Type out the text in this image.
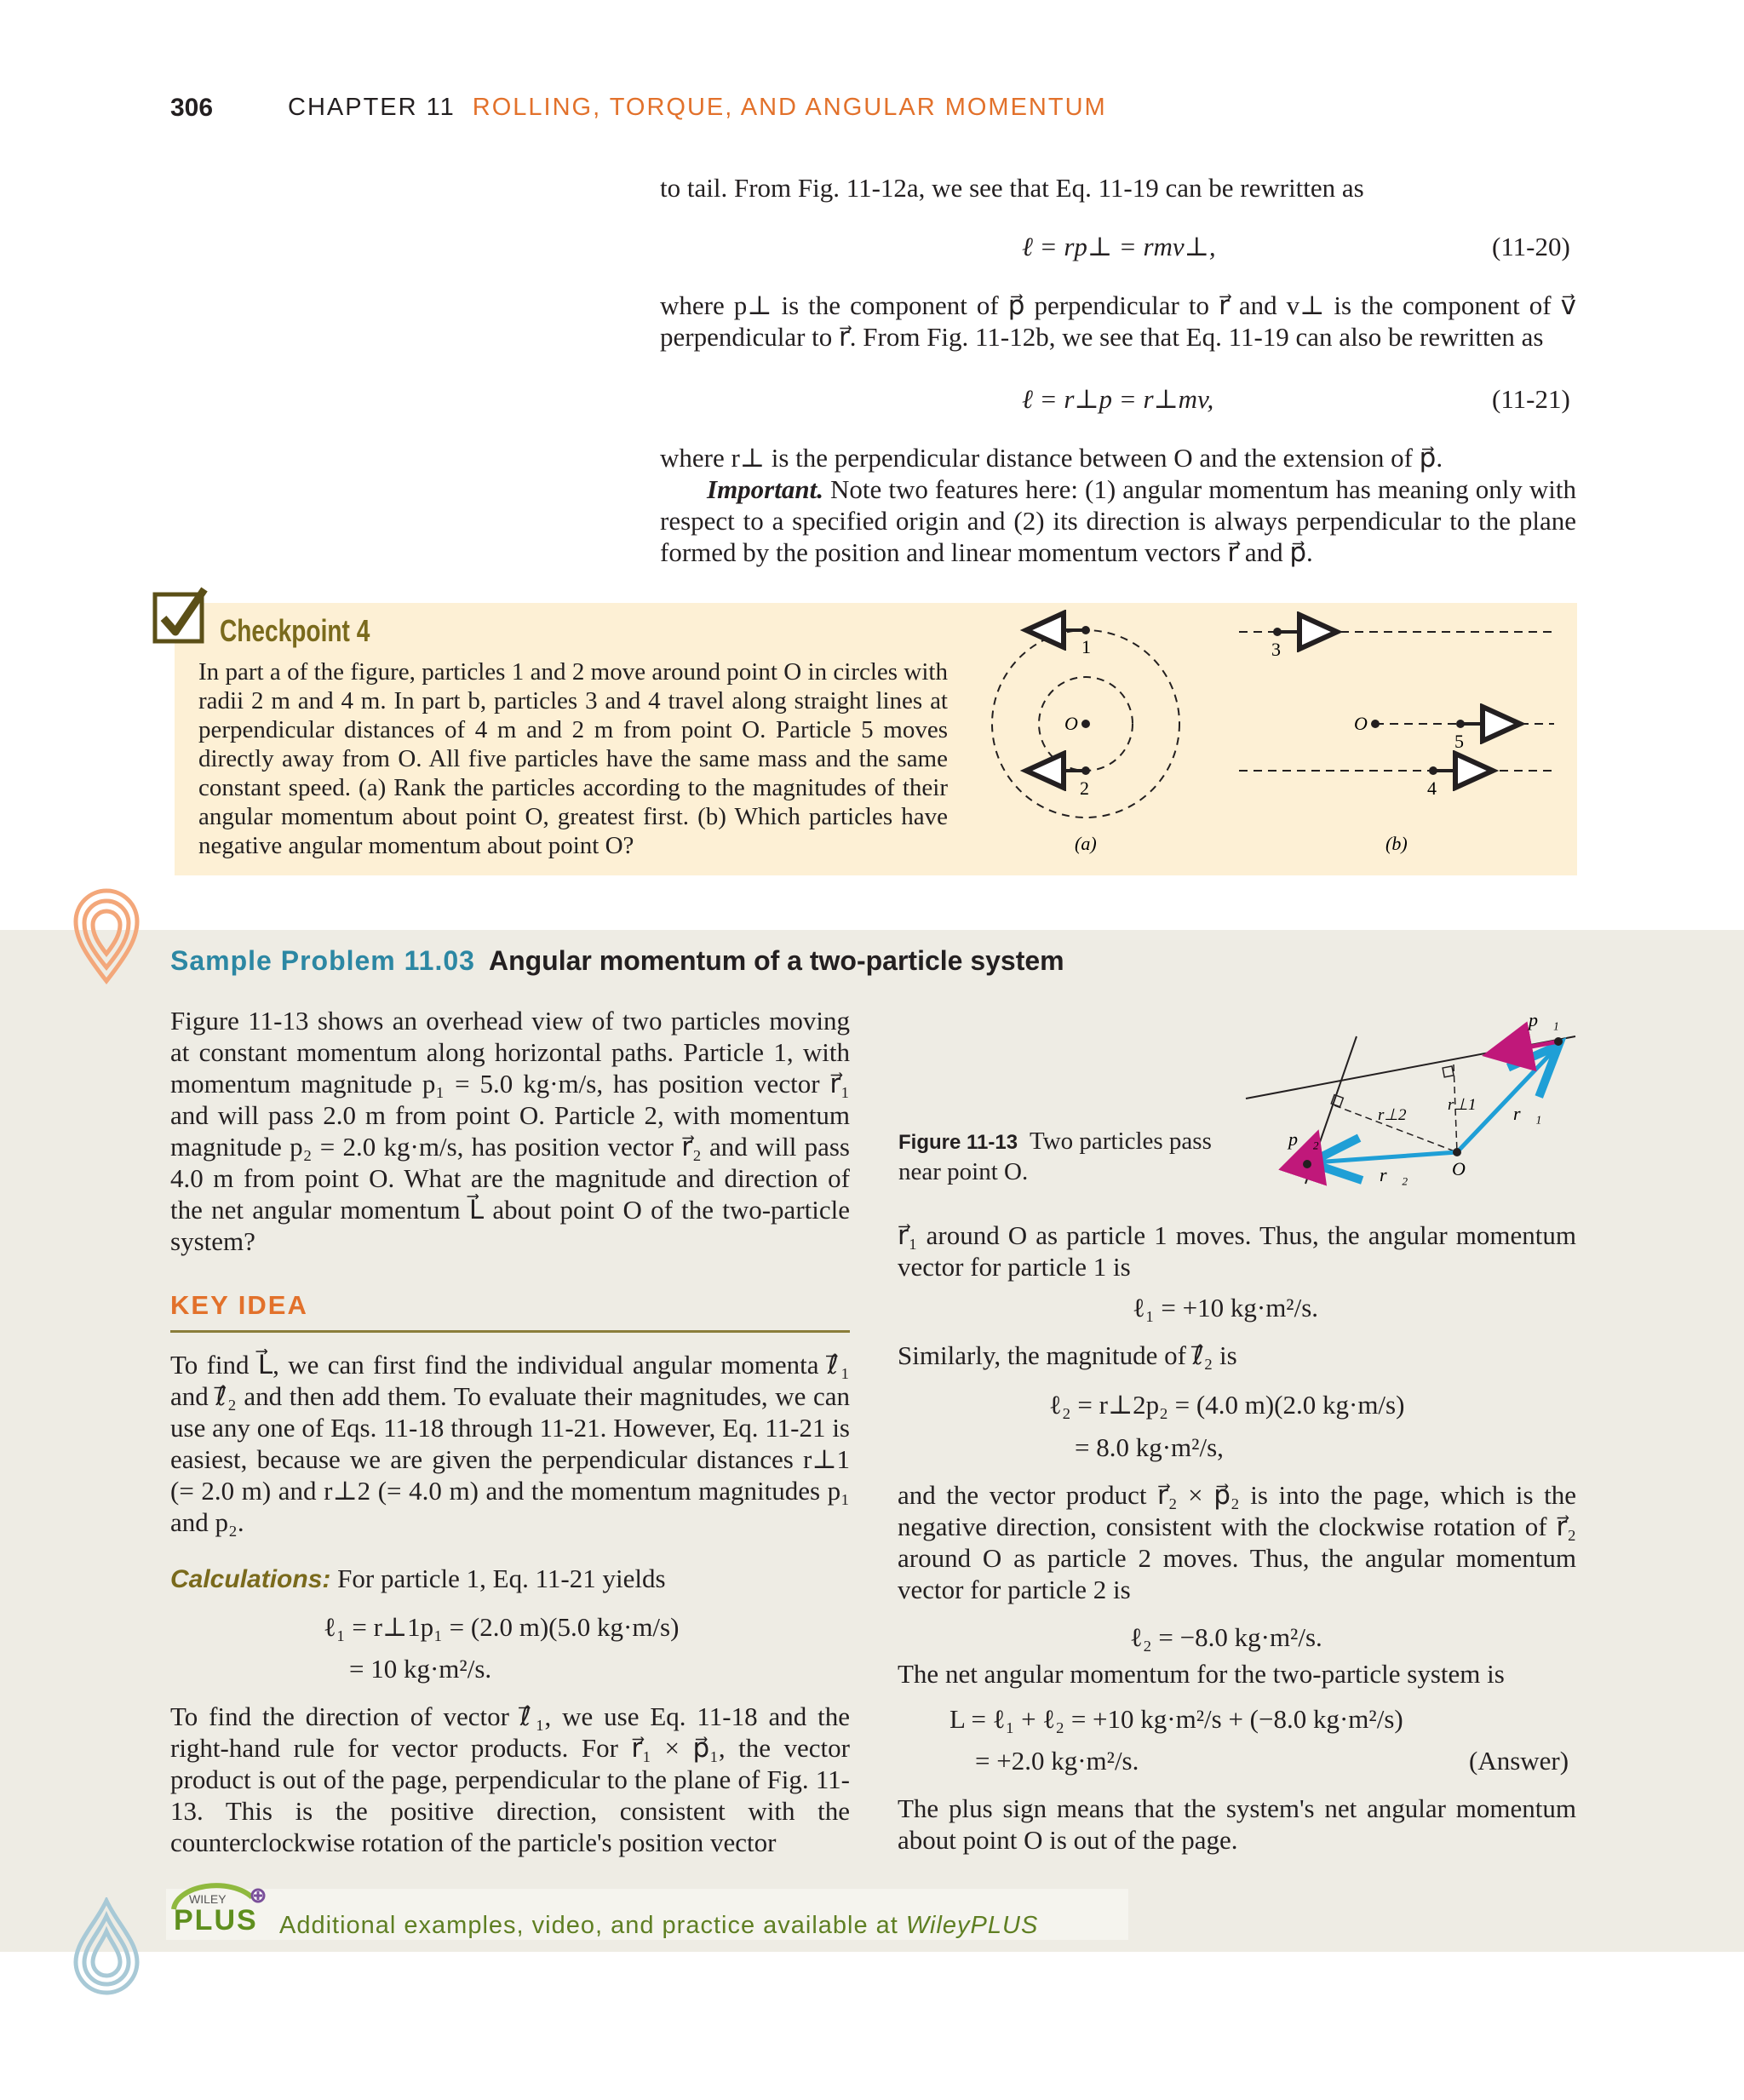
306	CHAPTER 11 ROLLING, TORQUE, AND ANGULAR MOMENTUM
to tail. From Fig. 11-12a, we see that Eq. 11-19 can be rewritten as
ℓ = rp⊥ = rmv⊥,	(11-20)
where p⊥ is the component of p⃗ perpendicular to r⃗ and v⊥ is the component of v⃗ perpendicular to r⃗. From Fig. 11-12b, we see that Eq. 11-19 can also be rewritten as
ℓ = r⊥p = r⊥mv,	(11-21)
where r⊥ is the perpendicular distance between O and the extension of p⃗.
Important. Note two features here: (1) angular momentum has meaning only with respect to a specified origin and (2) its direction is always perpendicular to the plane formed by the position and linear momentum vectors r⃗ and p⃗.
Checkpoint 4
In part a of the figure, particles 1 and 2 move around point O in circles with radii 2 m and 4 m. In part b, particles 3 and 4 travel along straight lines at perpendicular distances of 4 m and 2 m from point O. Particle 5 moves directly away from O. All five particles have the same mass and the same constant speed. (a) Rank the particles according to the magnitudes of their angular momentum about point O, greatest first. (b) Which particles have negative angular momentum about point O?
1
2
O
(a)
3
5
4
O
(b)
Sample Problem 11.03 Angular momentum of a two-particle system
Figure 11-13 shows an overhead view of two particles moving at constant momentum along horizontal paths. Particle 1, with momentum magnitude p₁ = 5.0 kg·m/s, has position vector r⃗₁ and will pass 2.0 m from point O. Particle 2, with momentum magnitude p₂ = 2.0 kg·m/s, has position vector r⃗₂ and will pass 4.0 m from point O. What are the magnitude and direction of the net angular momentum L⃗ about point O of the two-particle system?
KEY IDEA
To find L⃗, we can first find the individual angular momenta ℓ⃗₁ and ℓ⃗₂ and then add them. To evaluate their magnitudes, we can use any one of Eqs. 11-18 through 11-21. However, Eq. 11-21 is easiest, because we are given the perpendicular distances r⊥1 (= 2.0 m) and r⊥2 (= 4.0 m) and the momentum magnitudes p₁ and p₂.
Calculations: For particle 1, Eq. 11-21 yields
ℓ₁ = r⊥1p₁ = (2.0 m)(5.0 kg·m/s)
= 10 kg·m²/s.
To find the direction of vector ℓ⃗₁, we use Eq. 11-18 and the right-hand rule for vector products. For r⃗₁ × p⃗₁, the vector product is out of the page, perpendicular to the plane of Fig. 11-13. This is the positive direction, consistent with the counterclockwise rotation of the particle's position vector
Figure 11-13 Two particles pass near point O.
p⃗₁
r⃗₁
r⊥1
r⊥2
p⃗₂
r⃗₂ O
r⃗₁ around O as particle 1 moves. Thus, the angular momentum vector for particle 1 is
ℓ₁ = +10 kg·m²/s.
Similarly, the magnitude of ℓ⃗₂ is
ℓ₂ = r⊥2p₂ = (4.0 m)(2.0 kg·m/s)
= 8.0 kg·m²/s,
and the vector product r⃗₂ × p⃗₂ is into the page, which is the negative direction, consistent with the clockwise rotation of r⃗₂ around O as particle 2 moves. Thus, the angular momentum vector for particle 2 is
ℓ₂ = −8.0 kg·m²/s.
The net angular momentum for the two-particle system is
L = ℓ₁ + ℓ₂ = +10 kg·m²/s + (−8.0 kg·m²/s)
= +2.0 kg·m²/s.	(Answer)
The plus sign means that the system's net angular momentum about point O is out of the page.
WILEY
PLUS Additional examples, video, and practice available at WileyPLUS
